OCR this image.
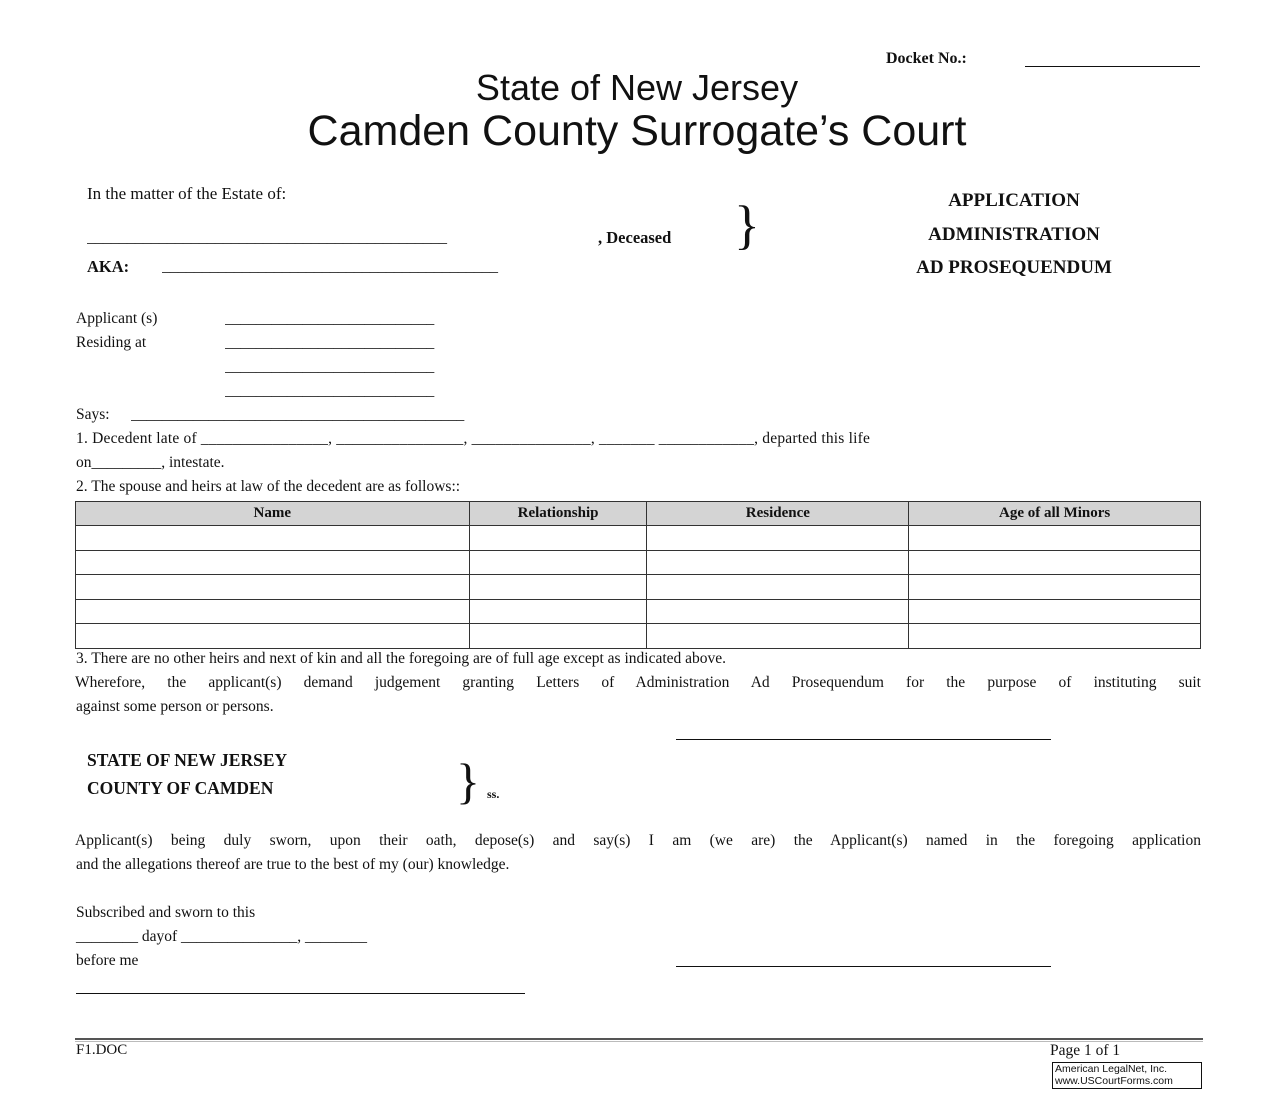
Docket No.:
State of New Jersey
Camden County Surrogate’s Court
In the matter of the Estate of:
_____________________________________________	, Deceased }
AKA: __________________________________________
APPLICATION
ADMINISTRATION
AD PROSEQUENDUM
Applicant (s)	___________________________
Residing at	___________________________
___________________________
___________________________
Says: ___________________________________________
1. Decedent late of ________________, ________________, _______________, _______ ____________, departed this life
on_________, intestate.
2. The spouse and heirs at law of the decedent are as follows::
Name	Relationship	Residence	Age of all Minors

3. There are no other heirs and next of kin and all the foregoing are of full age except as indicated above.
Wherefore, the applicant(s) demand judgement granting Letters of Administration Ad Prosequendum for the purpose of instituting suit
against some person or persons.
STATE OF NEW JERSEY
COUNTY OF CAMDEN	} ss.
Applicant(s) being duly sworn, upon their oath, depose(s) and say(s) I am (we are) the Applicant(s) named in the foregoing application
and the allegations thereof are true to the best of my (our) knowledge.
Subscribed and sworn to this
________ dayof _______________, ________
before me
F1.DOC	Page 1 of 1
American LegalNet, Inc.
www.USCourtForms.com
